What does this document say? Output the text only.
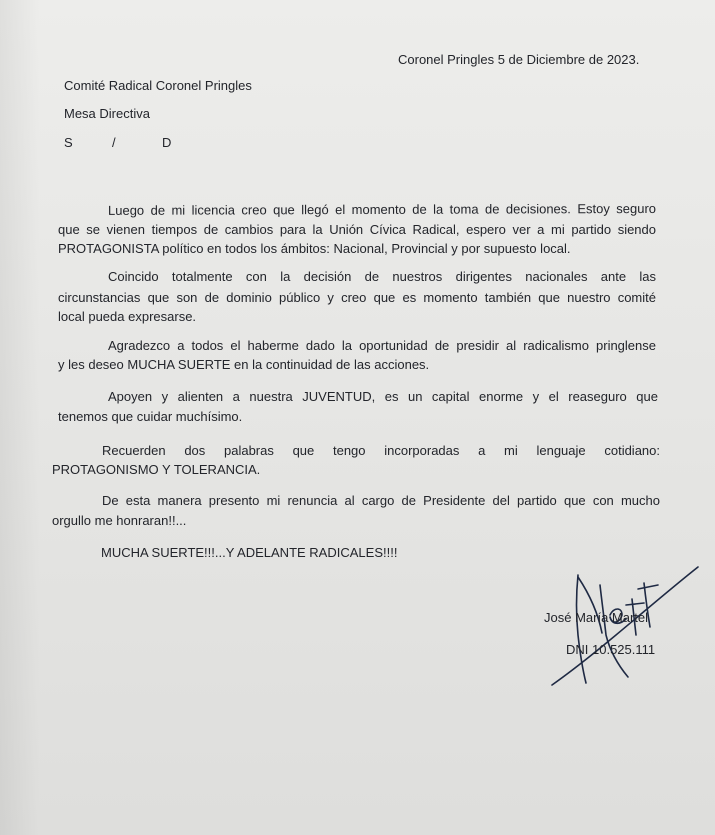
Coronel Pringles 5 de Diciembre de 2023.

Comité Radical Coronel Pringles

Mesa Directiva

S	/	D

Luego de mi licencia creo que llegó el momento de la toma de decisiones. Estoy seguro

que se vienen tiempos de cambios para la Unión Cívica Radical, espero ver a mi partido siendo

PROTAGONISTA político en todos los ámbitos: Nacional, Provincial y por supuesto local.

Coincido totalmente con la decisión de nuestros dirigentes nacionales ante las

circunstancias que son de dominio público y creo que es momento también que nuestro comité

local pueda expresarse.

Agradezco a todos el haberme dado la oportunidad de presidir al radicalismo pringlense

y les deseo MUCHA SUERTE en la continuidad de las acciones.

Apoyen y alienten a nuestra JUVENTUD, es un capital enorme y el reaseguro que

tenemos que cuidar muchísimo.

Recuerden dos palabras que tengo incorporadas a mi lenguaje cotidiano:

PROTAGONISMO Y TOLERANCIA.

De esta manera presento mi renuncia al cargo de Presidente del partido que con mucho

orgullo me honraran!!...

MUCHA SUERTE!!!...Y ADELANTE RADICALES!!!!

José María Martel

DNI 10.525.111
